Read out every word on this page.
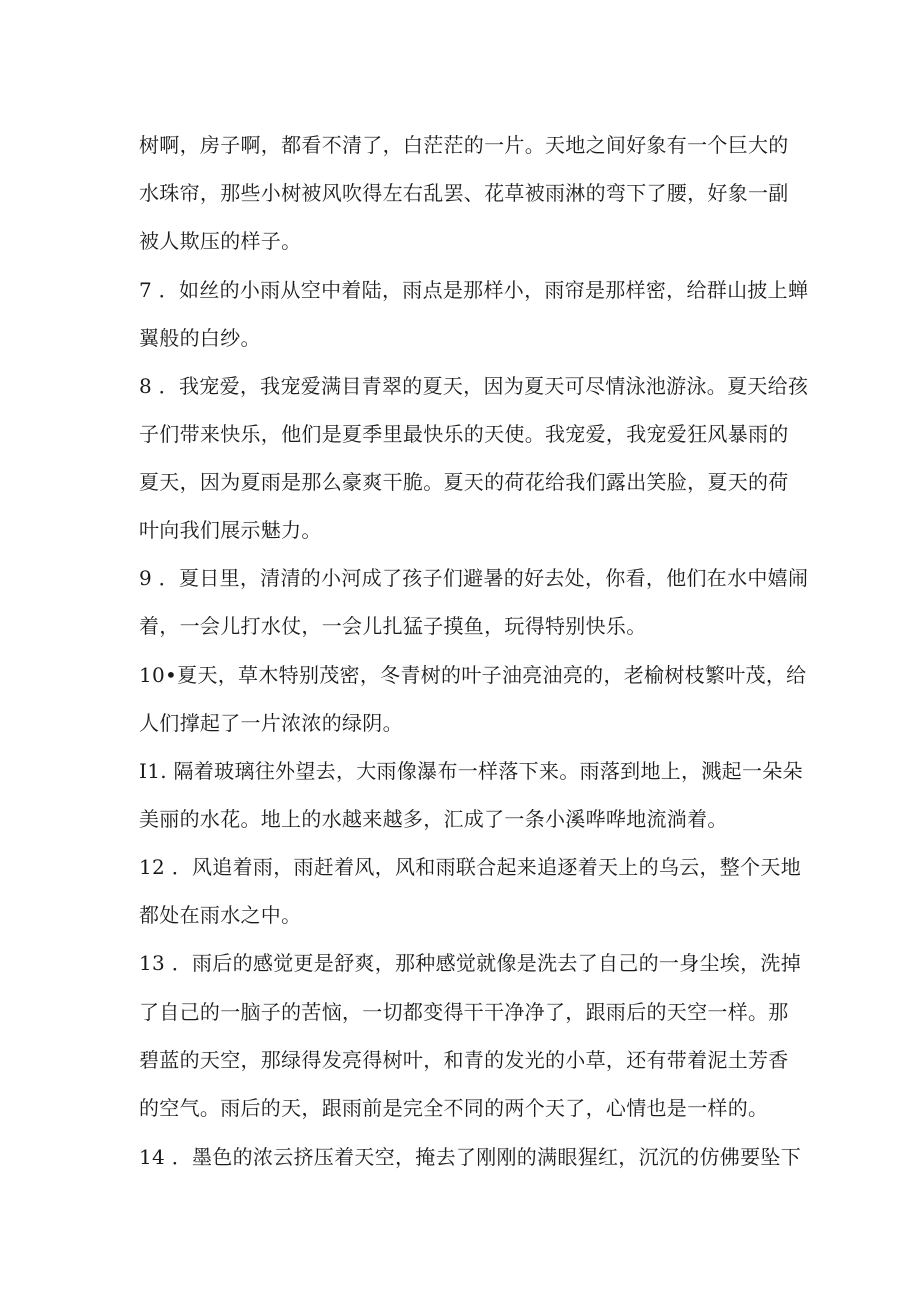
树啊，房子啊，都看不清了，白茫茫的一片。天地之间好象有一个巨大的
水珠帘，那些小树被风吹得左右乱罢、花草被雨淋的弯下了腰，好象一副
被人欺压的样子。
7 ．如丝的小雨从空中着陆，雨点是那样小，雨帘是那样密，给群山披上蝉
翼般的白纱。
8 ．我宠爱，我宠爱满目青翠的夏天，因为夏天可尽情泳池游泳。夏天给孩
子们带来快乐，他们是夏季里最快乐的天使。我宠爱，我宠爱狂风暴雨的
夏天，因为夏雨是那么豪爽干脆。夏天的荷花给我们露出笑脸，夏天的荷
叶向我们展示魅力。
9 ．夏日里，清清的小河成了孩子们避暑的好去处，你看，他们在水中嬉闹
着，一会儿打水仗，一会儿扎猛子摸鱼，玩得特别快乐。
10•夏天，草木特别茂密，冬青树的叶子油亮油亮的，老榆树枝繁叶茂，给
人们撑起了一片浓浓的绿阴。
I1. 隔着玻璃往外望去，大雨像瀑布一样落下来。雨落到地上，溅起一朵朵
美丽的水花。地上的水越来越多，汇成了一条小溪哗哗地流淌着。
12 ．风追着雨，雨赶着风，风和雨联合起来追逐着天上的乌云，整个天地
都处在雨水之中。
13 ．雨后的感觉更是舒爽，那种感觉就像是洗去了自己的一身尘埃，洗掉
了自己的一脑子的苦恼，一切都变得干干净净了，跟雨后的天空一样。那
碧蓝的天空，那绿得发亮得树叶，和青的发光的小草，还有带着泥土芳香
的空气。雨后的天，跟雨前是完全不同的两个天了，心情也是一样的。
14 ．墨色的浓云挤压着天空，掩去了刚刚的满眼猩红，沉沉的仿佛要坠下
